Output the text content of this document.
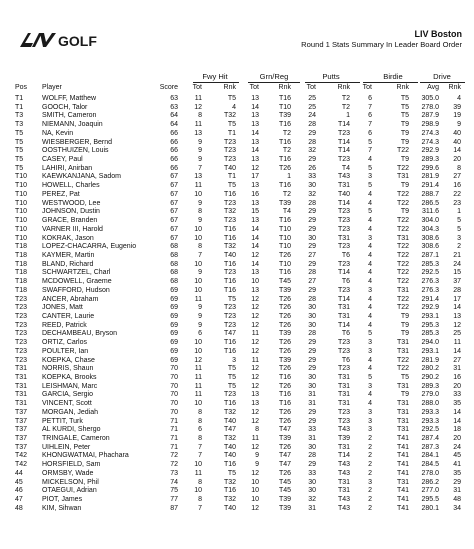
GOLF	LIV Boston
Round 1 Stats Summary In Leader Board Order
Fwy Hit	Grn/Reg	Putts	Birdie	Drive
Pos Player	Score	Tot	Rnk	Tot	Rnk	Tot	Rnk	Tot	Rnk	Avg Rnk
T1	WOLFF, Matthew	63	11	T5	13	T16	25	T2	6	T5	305.0	4
T1	GOOCH, Talor	63	12	4	14	T10	25	T2	7	T5	278.0	39
T3	SMITH, Cameron	64	8	T32	13	T39	24	1	6	T5	287.9	19
T3	NIEMANN, Joaquin	64	11	T5	13	T16	28	T14	7	T9	298.9	9
T5	NA, Kevin	66	13	T1	14	T2	29	T23	6	T9	274.3	40
T5	WIESBERGER, Bernd	66	9	T23	13	T16	28	T14	5	T9	274.3	40
T5	OOSTHUIZEN, Louis	66	9	T23	14	T2	32	T14	7	T22	292.9	14
T5	CASEY, Paul	66	9	T23	13	T16	29	T23	4	T9	289.3	20
T5	LAHIRI, Anirban	66	7	T40	12	T26	26	T4	5	T22	299.6	8
T10	KAEWKANJANA, Sadom	67	13	T1	17	1	33	T43	3	T31	281.9	27
T10	HOWELL, Charles	67	11	T5	13	T16	30	T31	5	T9	291.4	16
T10	PEREZ, Pat	67	10	T16	16	T2	32	T40	4	T22	288.7	22
T10	WESTWOOD, Lee	67	9	T23	13	T39	28	T14	4	T22	286.5	23
T10	JOHNSON, Dustin	67	8	T32	15	T4	29	T23	5	T9	311.6	1
T10	GRACE, Branden	67	9	T23	13	T16	29	T23	4	T22	304.0	5
T10	VARNER III, Harold	67	10	T16	14	T10	29	T23	4	T22	304.3	5
T10	KOKRAK, Jason	67	10	T16	14	T10	30	T31	3	T31	308.6	3
T18	LOPEZ-CHACARRA, Eugenio	68	8	T32	14	T10	29	T23	4	T22	308.6	2
T18	KAYMER, Martin	68	7	T40	12	T26	27	T6	4	T22	287.1	21
T18	BLAND, Richard	68	10	T16	14	T10	29	T23	4	T22	285.3	24
T18	SCHWARTZEL, Charl	68	9	T23	13	T16	28	T14	4	T22	292.5	15
T18	MCDOWELL, Graeme	68	10	T16	10	T45	27	T6	4	T22	276.3	37
T18	SWAFFORD, Hudson	69	10	T16	13	T39	29	T23	3	T31	276.3	28
T23	ANCER, Abraham	69	11	T5	12	T26	28	T14	4	T22	291.4	17
T23	JONES, Matt	69	9	T23	12	T26	30	T31	4	T22	292.9	14
T23	CANTER, Laurie	69	9	T23	12	T26	30	T31	4	T9	293.1	13
T23	REED, Patrick	69	9	T23	12	T26	30	T14	4	T9	295.3	12
T23	DECHAMBEAU, Bryson	69	6	T47	11	T39	28	T6	5	T9	285.3	25
T23	ORTIZ, Carlos	69	10	T16	12	T26	29	T23	3	T31	294.0	11
T23	POULTER, Ian	69	10	T16	12	T26	29	T23	3	T31	293.1	14
T23	KOEPKA, Chase	69	12	3	11	T39	29	T6	4	T22	281.9	27
T31	NORRIS, Shaun	70	11	T5	12	T26	29	T23	4	T22	280.2	31
T31	KOEPKA, Brooks	70	11	T5	12	T16	30	T31	5	T5	290.2	16
T31	LEISHMAN, Marc	70	11	T5	12	T26	30	T31	3	T31	289.3	20
T31	GARCIA, Sergio	70	11	T23	13	T16	31	T31	4	T9	279.0	33
T31	VINCENT, Scott	70	10	T16	13	T16	31	T31	4	T31	288.0	35
T37	MORGAN, Jediah	70	8	T32	12	T26	29	T23	3	T31	293.3	14
T37	PETTIT, Turk	71	8	T40	12	T26	29	T23	3	T31	293.3	14
T37	AL KURDI, Shergo	71	6	T47	8	T47	33	T43	3	T31	292.5	18
T37	TRINGALE, Cameron	71	8	T32	11	T39	31	T39	2	T41	287.4	20
T37	UIHLEIN, Peter	71	7	T40	12	T26	30	T31	2	T41	287.3	24
T42	KHONGWATMAI, Phachara	72	7	T40	9	T47	28	T14	2	T41	284.1	45
T42	HORSFIELD, Sam	72	10	T16	9	T47	29	T43	2	T41	284.5	41
44	ORMSBY, Wade	73	11	T5	12	T26	33	T43	2	T41	278.0	35
45	MICKELSON, Phil	74	8	T32	10	T45	30	T31	3	T31	286.2	29
46	OTAEGUI, Adrian	75	10	T16	10	T45	30	T31	2	T41	277.0	31
47	PIOT, James	77	8	T32	10	T39	32	T43	2	T41	295.5	48
48	KIM, Sihwan	87	7	T40	12	T39	31	T43	2	T41	280.1	34
